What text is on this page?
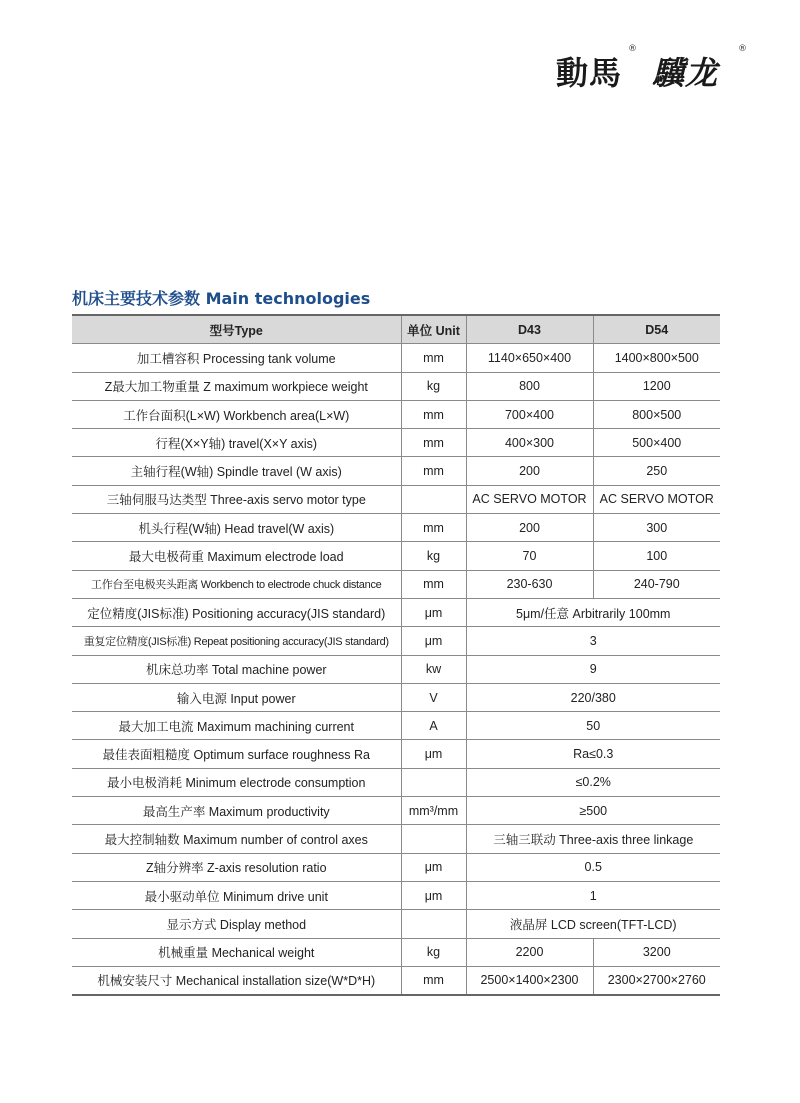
動馬
®
驥龙
®
机床主要技术参数 Main technologies
型号Type	单位 Unit	D43	D54
加工槽容积 Processing tank volume	mm	1140×650×400	1400×800×500
Z最大加工物重量 Z maximum workpiece weight	kg	800	1200
工作台面积(L×W) Workbench area(L×W)	mm	700×400	800×500
行程(X×Y轴) travel(X×Y axis)	mm	400×300	500×400
主轴行程(W轴) Spindle travel (W axis)	mm	200	250
三轴伺服马达类型 Three-axis servo motor type		AC SERVO MOTOR	AC SERVO MOTOR
机头行程(W轴) Head travel(W axis)	mm	200	300
最大电极荷重 Maximum electrode load	kg	70	100
工作台至电极夹头距离 Workbench to electrode chuck distance	mm	230-630	240-790
定位精度(JIS标准) Positioning accuracy(JIS standard)	μm	5μm/任意 Arbitrarily 100mm	
重复定位精度(JIS标准) Repeat positioning accuracy(JIS standard)	μm	3	
机床总功率 Total machine power	kw	9	
输入电源 Input power	V	220/380	
最大加工电流 Maximum machining current	A	50	
最佳表面粗糙度 Optimum surface roughness Ra	μm	Ra≤0.3	
最小电极消耗 Minimum electrode consumption		≤0.2%	
最高生产率 Maximum productivity	mm³/mm	≥500	
最大控制轴数 Maximum number of control axes		三轴三联动 Three-axis three linkage	
Z轴分辨率 Z-axis resolution ratio	μm	0.5	
最小驱动单位 Minimum drive unit	μm	1	
显示方式 Display method		液晶屏 LCD screen(TFT-LCD)	
机械重量 Mechanical weight	kg	2200	3200
机械安装尺寸 Mechanical installation size(W*D*H)	mm	2500×1400×2300	2300×2700×2760
